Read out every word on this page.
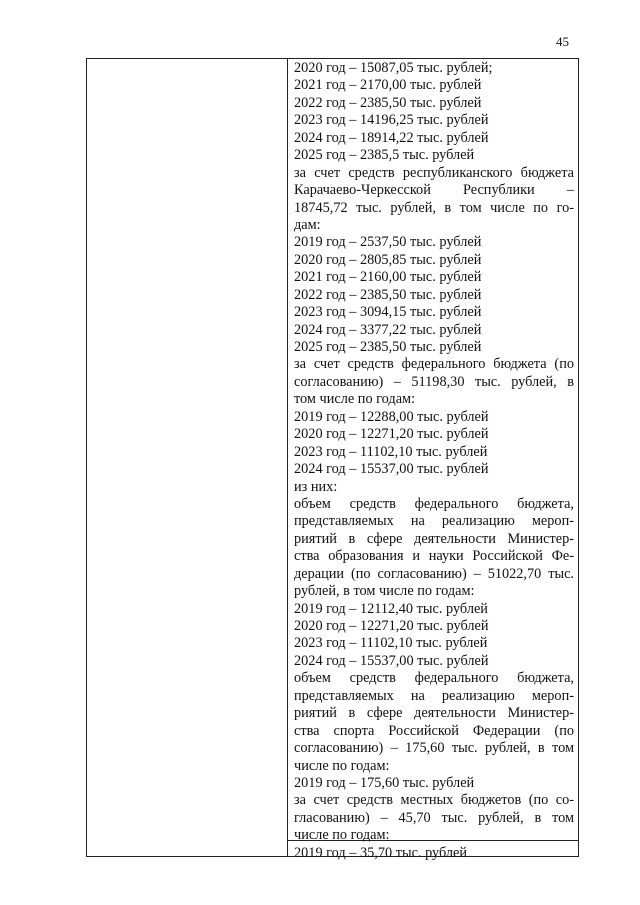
45
2020 год – 15087,05 тыс. рублей;
2021 год – 2170,00 тыс. рублей
2022 год – 2385,50 тыс. рублей
2023 год – 14196,25 тыс. рублей
2024 год – 18914,22 тыс. рублей
2025 год – 2385,5 тыс. рублей
за счет средств республиканского бюджета
Карачаево-Черкесской Республики –
18745,72 тыс. рублей, в том числе по го-
дам:
2019 год – 2537,50 тыс. рублей
2020 год – 2805,85 тыс. рублей
2021 год – 2160,00 тыс. рублей
2022 год – 2385,50 тыс. рублей
2023 год – 3094,15 тыс. рублей
2024 год – 3377,22 тыс. рублей
2025 год – 2385,50 тыс. рублей
за счет средств федерального бюджета (по
согласованию) – 51198,30 тыс. рублей, в
том числе по годам:
2019 год – 12288,00 тыс. рублей
2020 год – 12271,20 тыс. рублей
2023 год – 11102,10 тыс. рублей
2024 год – 15537,00 тыс. рублей
из них:
объем средств федерального бюджета,
представляемых на реализацию мероп-
риятий в сфере деятельности Министер-
ства образования и науки Российской Фе-
дерации (по согласованию) – 51022,70 тыс.
рублей, в том числе по годам:
2019 год – 12112,40 тыс. рублей
2020 год – 12271,20 тыс. рублей
2023 год – 11102,10 тыс. рублей
2024 год – 15537,00 тыс. рублей
объем средств федерального бюджета,
представляемых на реализацию мероп-
риятий в сфере деятельности Министер-
ства спорта Российской Федерации (по
согласованию) – 175,60 тыс. рублей, в том
числе по годам:
2019 год – 175,60 тыс. рублей
за счет средств местных бюджетов (по со-
гласованию) – 45,70 тыс. рублей, в том
числе по годам:
2019 год – 35,70 тыс. рублей
